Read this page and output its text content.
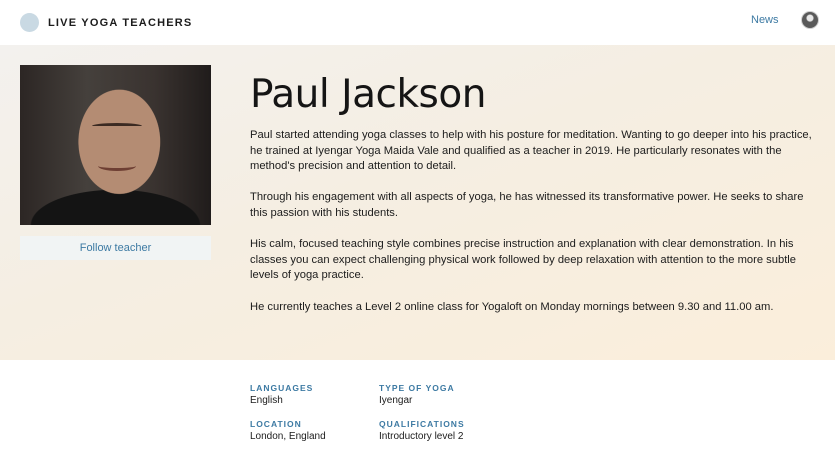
LIVE YOGA TEACHERS	News
Follow teacher
Paul Jackson

Paul started attending yoga classes to help with his posture for meditation. Wanting to go deeper into his practice, he trained at Iyengar Yoga Maida Vale and qualified as a teacher in 2019. He particularly resonates with the method's precision and attention to detail.

Through his engagement with all aspects of yoga, he has witnessed its transformative power. He seeks to share this passion with his students.

His calm, focused teaching style combines precise instruction and explanation with clear demonstration. In his classes you can expect challenging physical work followed by deep relaxation with attention to the more subtle levels of yoga practice.

He currently teaches a Level 2 online class for Yogaloft on Monday mornings between 9.30 and 11.00 am.

LANGUAGES
English
TYPE OF YOGA
Iyengar
LOCATION
London, England
QUALIFICATIONS
Introductory level 2
